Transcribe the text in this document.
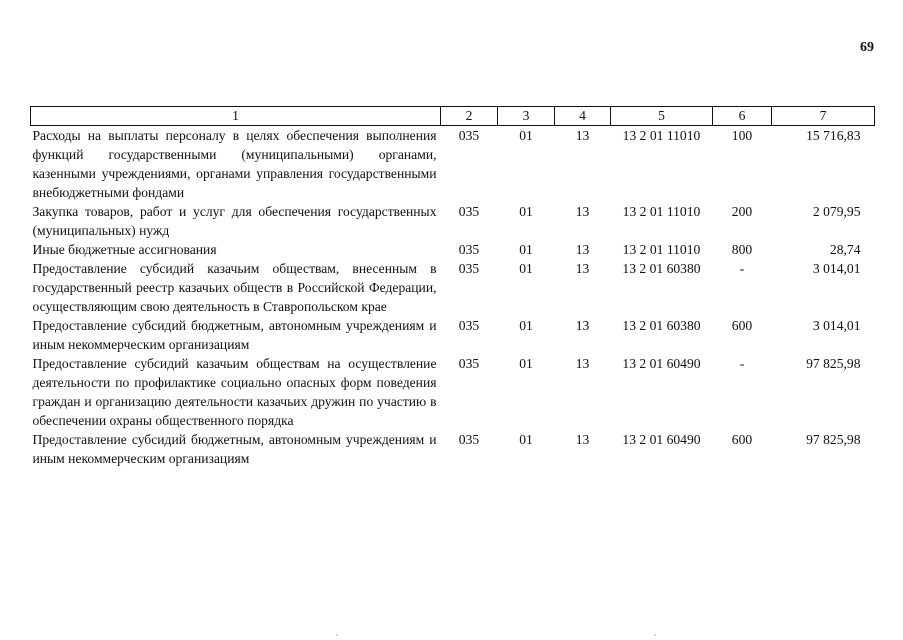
69
1	2	3	4	5	6	7
Расходы на выплаты персоналу в целях обеспечения выполнения функций государственными (муниципальными) органами, казенными учреждениями, органами управления государственными внебюджетными фондами	035	01	13	13 2 01 11010	100	15 716,83
Закупка товаров, работ и услуг для обеспечения государственных (муниципальных) нужд	035	01	13	13 2 01 11010	200	2 079,95
Иные бюджетные ассигнования	035	01	13	13 2 01 11010	800	28,74
Предоставление субсидий казачьим обществам, внесенным в государственный реестр казачьих обществ в Российской Федерации, осуществляющим свою деятельность в Ставропольском крае	035	01	13	13 2 01 60380	-	3 014,01
Предоставление субсидий бюджетным, автономным учреждениям и иным некоммерческим организациям	035	01	13	13 2 01 60380	600	3 014,01
Предоставление субсидий казачьим обществам на осуществление деятельности по профилактике социально опасных форм поведения граждан и организацию деятельности казачьих дружин по участию в обеспечении охраны общественного порядка	035	01	13	13 2 01 60490	-	97 825,98
Предоставление субсидий бюджетным, автономным учреждениям и иным некоммерческим организациям	035	01	13	13 2 01 60490	600	97 825,98
